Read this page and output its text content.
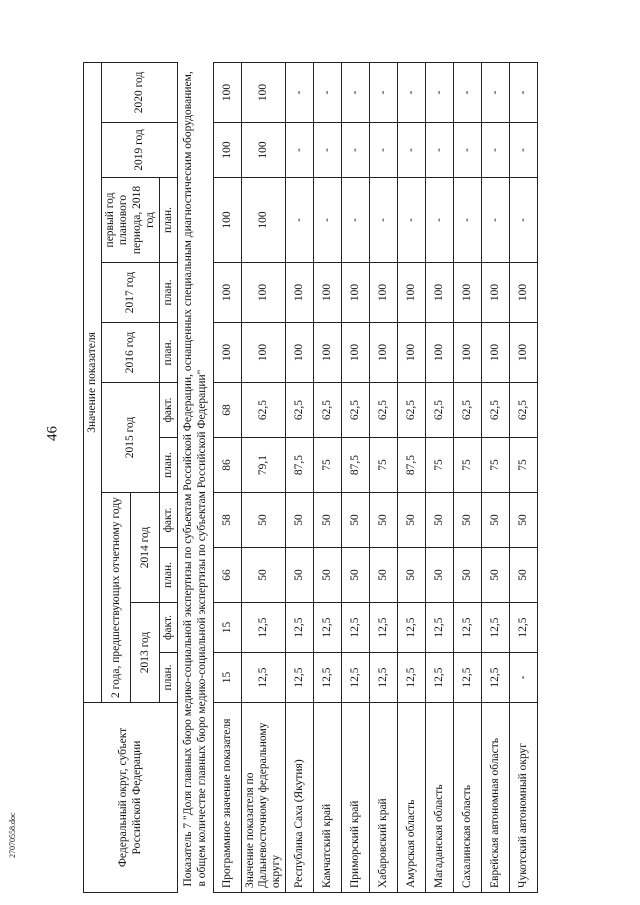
46
27070558.doc	Федеральный округ, субъект Российской Федерации	Значение показателя										
	2 года, предшествующих отчетному году				2015 год		2016 год	2017 год	первый год планового периода, 2018 год	2019 год	2020 год
	2013 год		2014 год								
	план.	факт.	план.	факт.	план.	факт.	план.	план.	план.		
Показатель 7 "Доля главных бюро медико-социальной экспертизы по субъектам Российской Федерации, оснащенных специальным диагностическим оборудованием, в общем количестве главных бюро медико-социальной экспертизы по субъектам Российской Федерации"											
Программное значение показателя	15	15	66	58	86	68	100	100	100	100	100
Значение показателя по Дальневосточному федеральному округу	12,5	12,5	50	50	79,1	62,5	100	100	100	100	100
Республика Саха (Якутия)	12,5	12,5	50	50	87,5	62,5	100	100	-	-	-
Камчатский край	12,5	12,5	50	50	75	62,5	100	100	-	-	-
Приморский край	12,5	12,5	50	50	87,5	62,5	100	100	-	-	-
Хабаровский край	12,5	12,5	50	50	75	62,5	100	100	-	-	-
Амурская область	12,5	12,5	50	50	87,5	62,5	100	100	-	-	-
Магаданская область	12,5	12,5	50	50	75	62,5	100	100	-	-	-
Сахалинская область	12,5	12,5	50	50	75	62,5	100	100	-	-	-
Еврейская автономная область	12,5	12,5	50	50	75	62,5	100	100	-	-	-
Чукотский автономный округ	-	12,5	50	50	75	62,5	100	100	-	-	-
